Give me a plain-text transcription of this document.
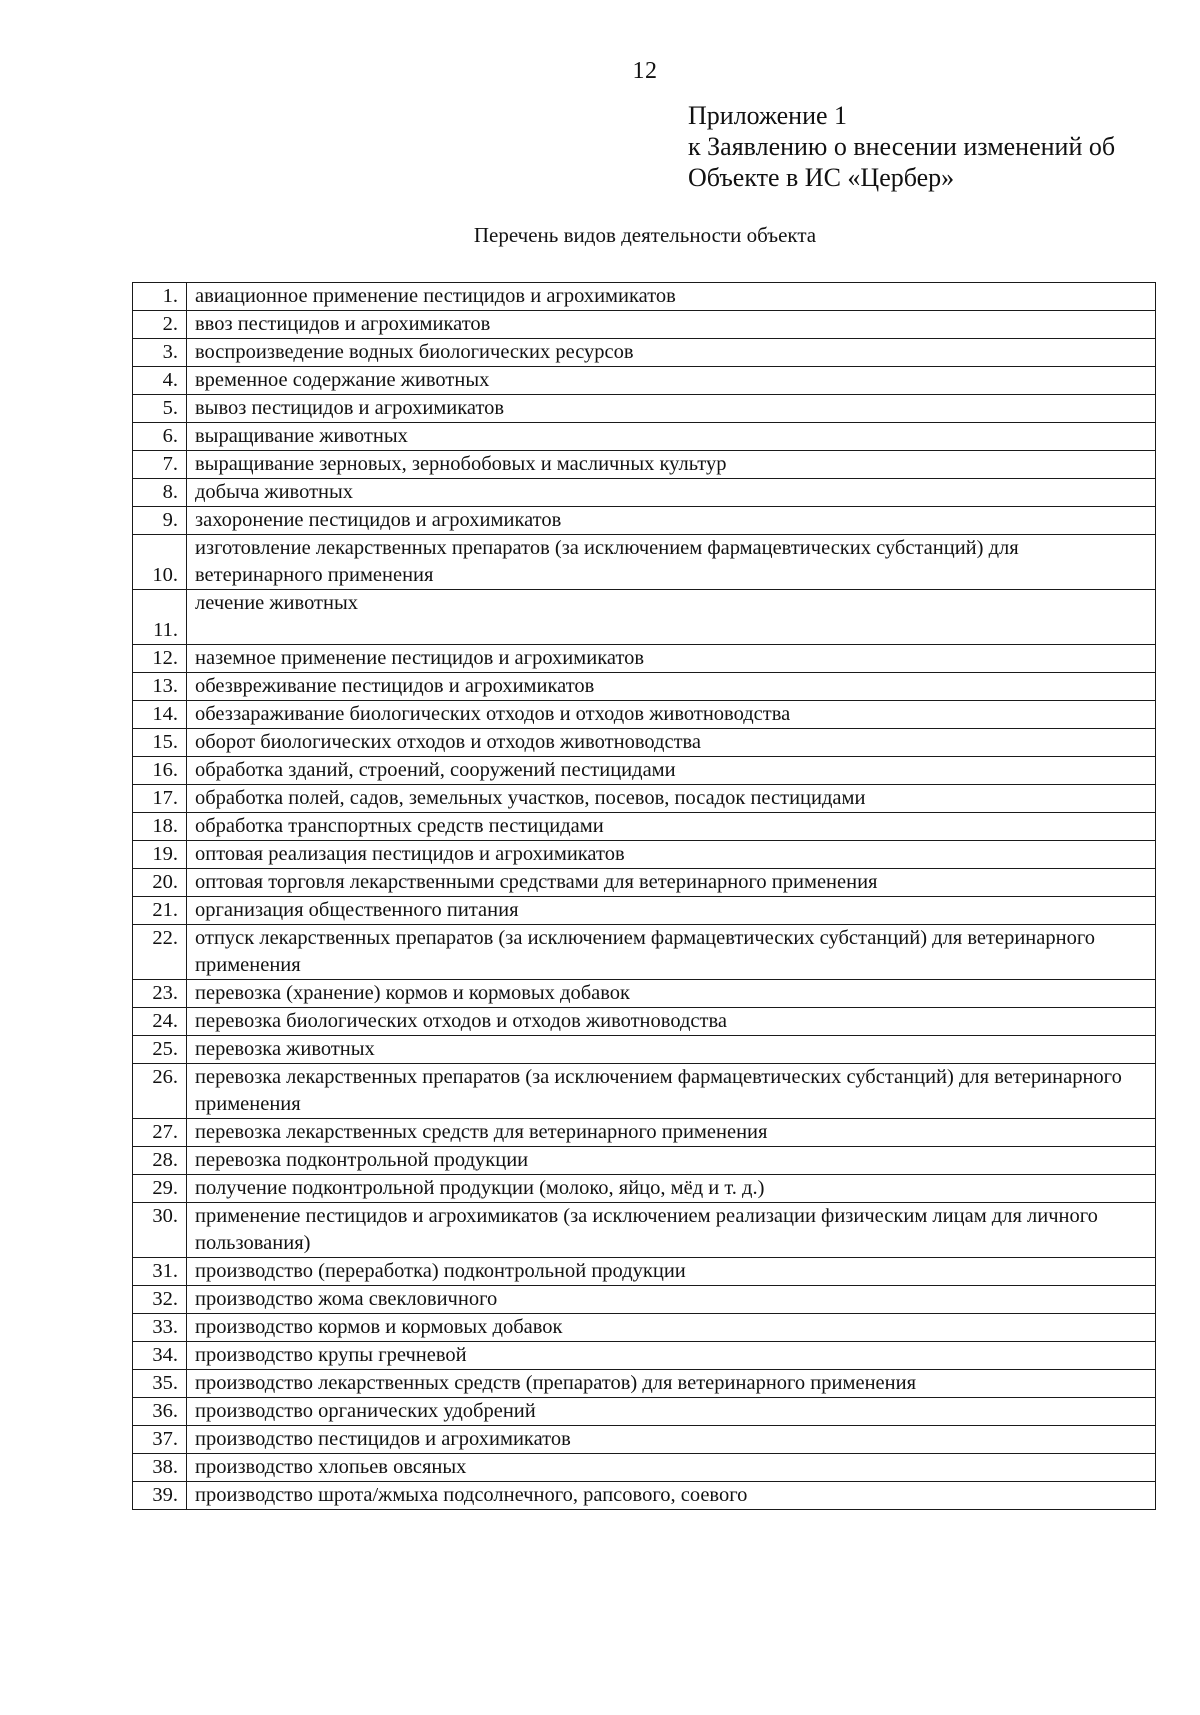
12
Приложение 1
к Заявлению о внесении изменений об
Объекте в ИС «Цербер»
Перечень видов деятельности объекта
1.	авиационное применение пестицидов и агрохимикатов
2.	ввоз пестицидов и агрохимикатов
3.	воспроизведение водных биологических ресурсов
4.	временное содержание животных
5.	вывоз пестицидов и агрохимикатов
6.	выращивание животных
7.	выращивание зерновых, зернобобовых и масличных культур
8.	добыча животных
9.	захоронение пестицидов и агрохимикатов
10.	изготовление лекарственных препаратов (за исключением фармацевтических субстанций) для ветеринарного применения
11.	лечение животных
12.	наземное применение пестицидов и агрохимикатов
13.	обезвреживание пестицидов и агрохимикатов
14.	обеззараживание биологических отходов и отходов животноводства
15.	оборот биологических отходов и отходов животноводства
16.	обработка зданий, строений, сооружений пестицидами
17.	обработка полей, садов, земельных участков, посевов, посадок пестицидами
18.	обработка транспортных средств пестицидами
19.	оптовая реализация пестицидов и агрохимикатов
20.	оптовая торговля лекарственными средствами для ветеринарного применения
21.	организация общественного питания
22.	отпуск лекарственных препаратов (за исключением фармацевтических субстанций) для ветеринарного применения
23.	перевозка (хранение) кормов и кормовых добавок
24.	перевозка биологических отходов и отходов животноводства
25.	перевозка животных
26.	перевозка лекарственных препаратов (за исключением фармацевтических субстанций) для ветеринарного применения
27.	перевозка лекарственных средств для ветеринарного применения
28.	перевозка подконтрольной продукции
29.	получение подконтрольной продукции (молоко, яйцо, мёд и т. д.)
30.	применение пестицидов и агрохимикатов (за исключением реализации физическим лицам для личного пользования)
31.	производство (переработка) подконтрольной продукции
32.	производство жома свекловичного
33.	производство кормов и кормовых добавок
34.	производство крупы гречневой
35.	производство лекарственных средств (препаратов) для ветеринарного применения
36.	производство органических удобрений
37.	производство пестицидов и агрохимикатов
38.	производство хлопьев овсяных
39.	производство шрота/жмыха подсолнечного, рапсового, соевого
